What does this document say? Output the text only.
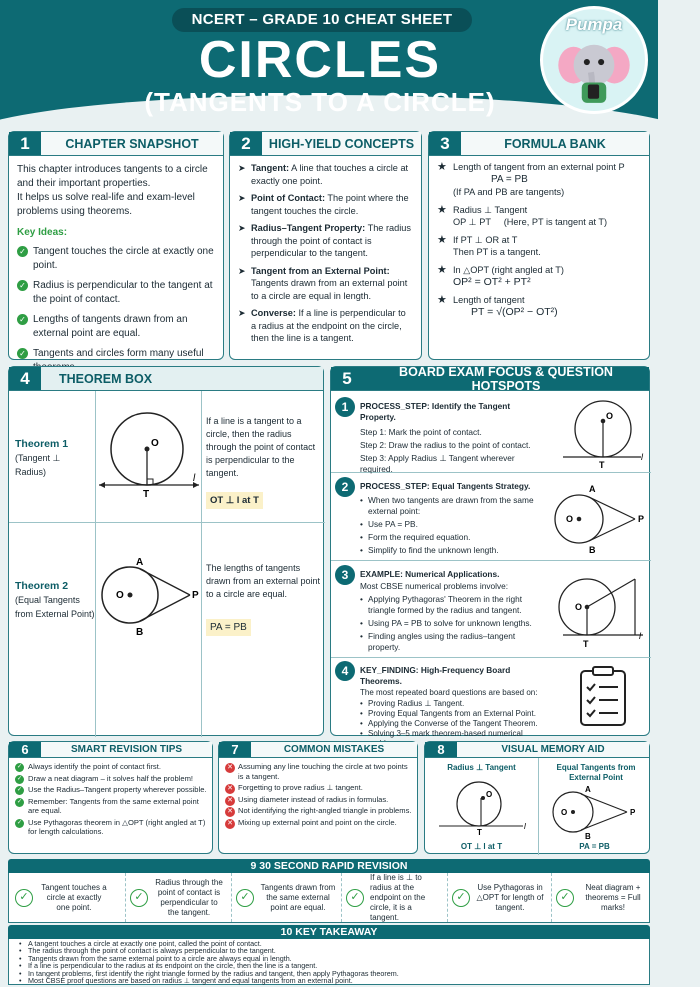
NCERT – GRADE 10 CHEAT SHEET
CIRCLES
(TANGENTS TO A CIRCLE)
Pumpa
1	CHAPTER SNAPSHOT
This chapter introduces tangents to a circle and their important properties.
It helps us solve real-life and exam-level problems using theorems.
Key Ideas:
✓ Tangent touches the circle at exactly one point.
✓ Radius is perpendicular to the tangent at the point of contact.
✓ Lengths of tangents drawn from an external point are equal.
✓ Tangents and circles form many useful
2	HIGH-YIELD CONCEPTS
➤ Tangent: A line that touches a circle at exactly one point.
➤ Point of Contact: The point where the tangent touches the circle.
➤ Radius–Tangent Property: The radius through the point of contact is perpendicular to the tangent.
➤ Tangent from an External Point: Tangents drawn from an external point to a circle are equal in length.
➤ Converse: If a line is perpendicular to a radius at the endpoint on the circle, then the line is a tangent.
3	FORMULA BANK
★ Length of tangent from an external point P
PA = PB
(If PA and PB are tangents)
★ Radius ⊥ Tangent
OP ⊥ PT (Here, PT is tangent at T)
★ If PT ⊥ OR at T
Then PT is a tangent.
★ In △OPT (right angled at T)
OP² = OT² + PT²
★ Length of tangent
PT = √(OP² − OT²)
4	THEOREM BOX
Theorem 1
(Tangent ⊥ Radius)
O
T
l
If a line is a tangent to a circle, then the radius through the point of contact is perpendicular to the tangent.
OT ⊥ l at T
Theorem 2
(Equal Tangents from External Point)
O
A
B
P
The lengths of tangents drawn from an external point to a circle are equal.
PA = PB
5	BOARD EXAM FOCUS & QUESTION HOTSPOTS
1	PROCESS_STEP: Identify the Tangent Property.
Step 1: Mark the point of contact.
Step 2: Draw the radius to the point of contact.
Step 3: Apply Radius ⊥ Tangent wherever required.
O
T
l
2	PROCESS_STEP: Equal Tangents Strategy.
• When two tangents are drawn from the same external point:
• Use PA = PB.
• Form the required equation.
• Simplify to find the unknown length.
O
A
B
P
3	EXAMPLE: Numerical Applications.
Most CBSE numerical problems involve:
• Applying Pythagoras' Theorem in the right triangle formed by the radius and tangent.
• Using PA = PB to solve for unknown lengths.
• Finding angles using the radius–tangent property.
O
T
l
4	KEY_FINDING: High-Frequency Board Theorems.
The most repeated board questions are based on:
• Proving Radius ⊥ Tangent.
• Proving Equal Tangents from an External Point.
• Applying the Converse of the Tangent Theorem.
• Solving 3–5 mark theorem-based numerical
6	SMART REVISION TIPS
✓ Always identify the point of contact first.
✓ Draw a neat diagram – it solves half the problem!
✓ Use the Radius–Tangent property wherever possible.
✓ Remember: Tangents from the same external point are equal.
✓ Use Pythagoras theorem in △OPT (right angled at T) for length calculations.
7	COMMON MISTAKES
✕ Assuming any line touching the circle at two points is a tangent.
✕ Forgetting to prove radius ⊥ tangent.
✕ Using diameter instead of radius in formulas.
✕ Not identifying the right-angled triangle in problems.
✕ Mixing up external point and point on the circle.
8	VISUAL MEMORY AID
Radius ⊥ Tangent
O
T
l
OT ⊥ l at T
Equal Tangents from External Point
O
A
B
P
PA = PB
9 30 SECOND RAPID REVISION
✓
Tangent touches a circle at exactly one point.
✓
Radius through the point of contact is perpendicular to the tangent.
✓
Tangents drawn from the same external point are equal.
✓
If a line is ⊥ to radius at the endpoint on the circle, it is a tangent.
✓
Use Pythagoras in △OPT for length of tangent.
✓
Neat diagram + theorems = Full marks!
10 KEY TAKEAWAY
• A tangent touches a circle at exactly one point, called the point of contact.
• The radius through the point of contact is always perpendicular to the tangent.
• Tangents drawn from the same external point to a circle are always equal in length.
• If a line is perpendicular to the radius at its endpoint on the circle, then the line is a tangent.
• In tangent problems, first identify the right triangle formed by the radius and tangent, then apply Pythagoras theorem.
• Most CBSE proof questions are based on radius ⊥ tangent and equal tangents from an external point.
